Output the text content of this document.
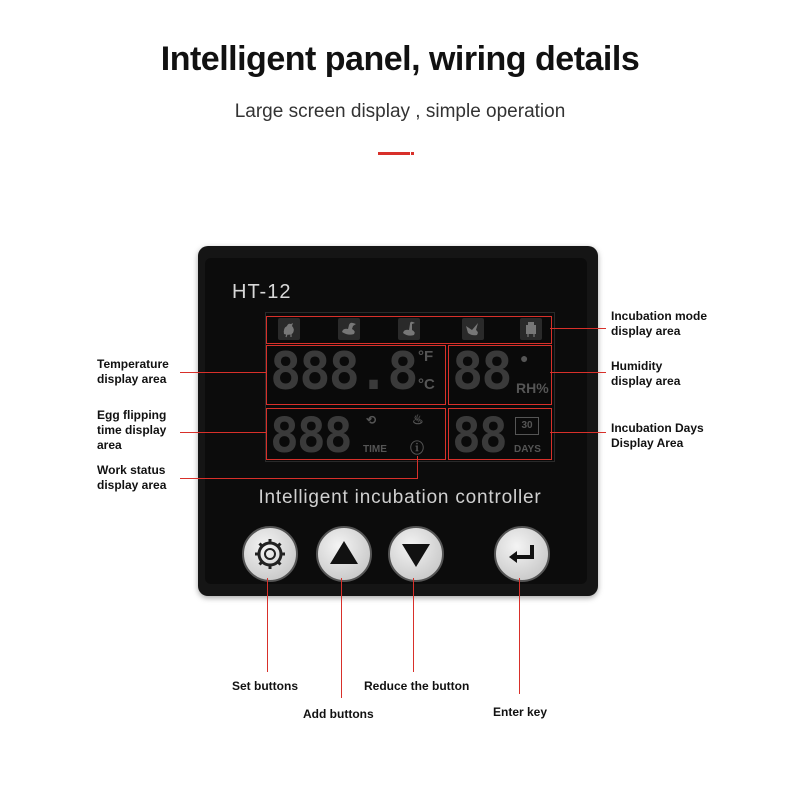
Intelligent panel, wiring details
Large screen display , simple operation
HT-12
888.8 °F
°C 88 ●
RH%
888 ⟲	♨
TIME ⓘ 88	30
DAYS
Intelligent incubation controller
Incubation mode display area
Temperature display area
Humidity display area
Egg flipping time display area
Incubation Days Display Area
Work status display area
Set buttons
Add buttons
Reduce the button
Enter key
